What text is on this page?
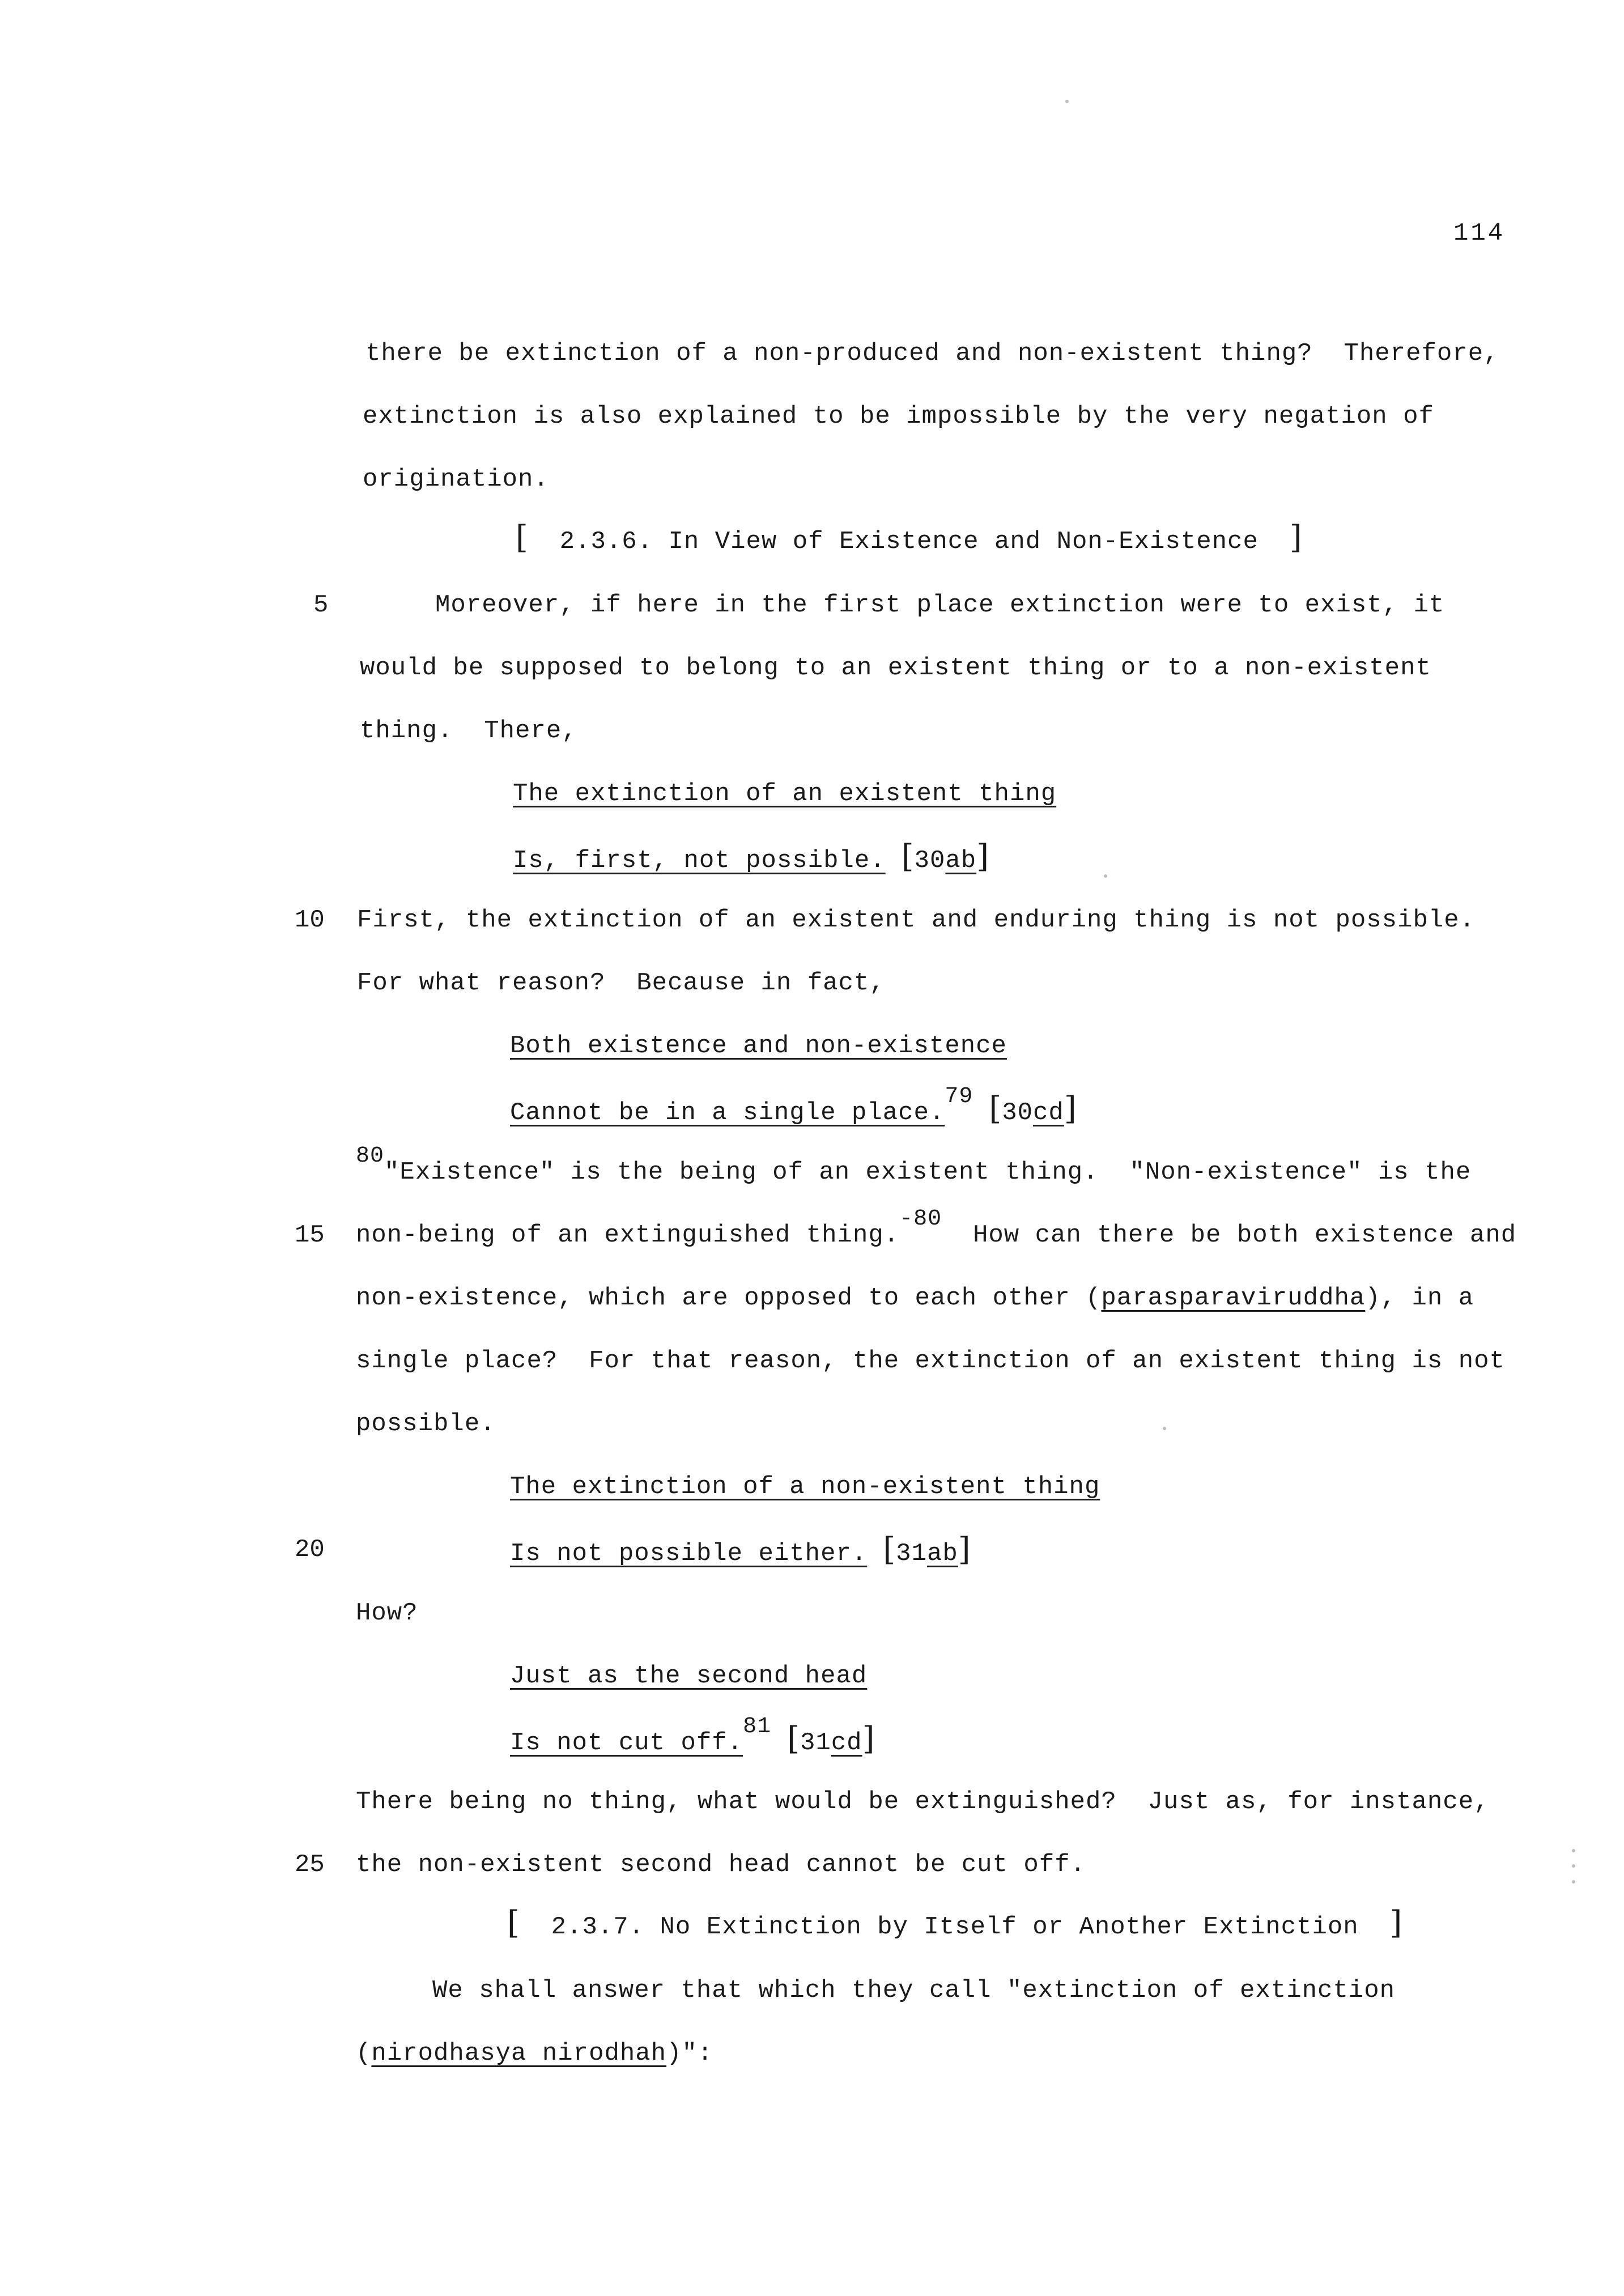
114
5
10
15
20
25
there be extinction of a non-produced and non-existent thing?  Therefore,
extinction is also explained to be impossible by the very negation of
origination.
[ 2.3.6. In View of Existence and Non-Existence ]
Moreover, if here in the first place extinction were to exist, it
would be supposed to belong to an existent thing or to a non-existent
thing.  There,
The extinction of an existent thing
Is, first, not possible. [30ab]
First, the extinction of an existent and enduring thing is not possible.
For what reason?  Because in fact,
Both existence and non-existence
Cannot be in a single place.79 [30cd]
80"Existence" is the being of an existent thing.  "Non-existence" is the
non-being of an extinguished thing.-80  How can there be both existence and
non-existence, which are opposed to each other (parasparaviruddha), in a
single place?  For that reason, the extinction of an existent thing is not
possible.
The extinction of a non-existent thing
Is not possible either. [31ab]
How?
Just as the second head
Is not cut off.81 [31cd]
There being no thing, what would be extinguished?  Just as, for instance,
the non-existent second head cannot be cut off.
[ 2.3.7. No Extinction by Itself or Another Extinction ]
We shall answer that which they call "extinction of extinction
(nirodhasya nirodhah)":
